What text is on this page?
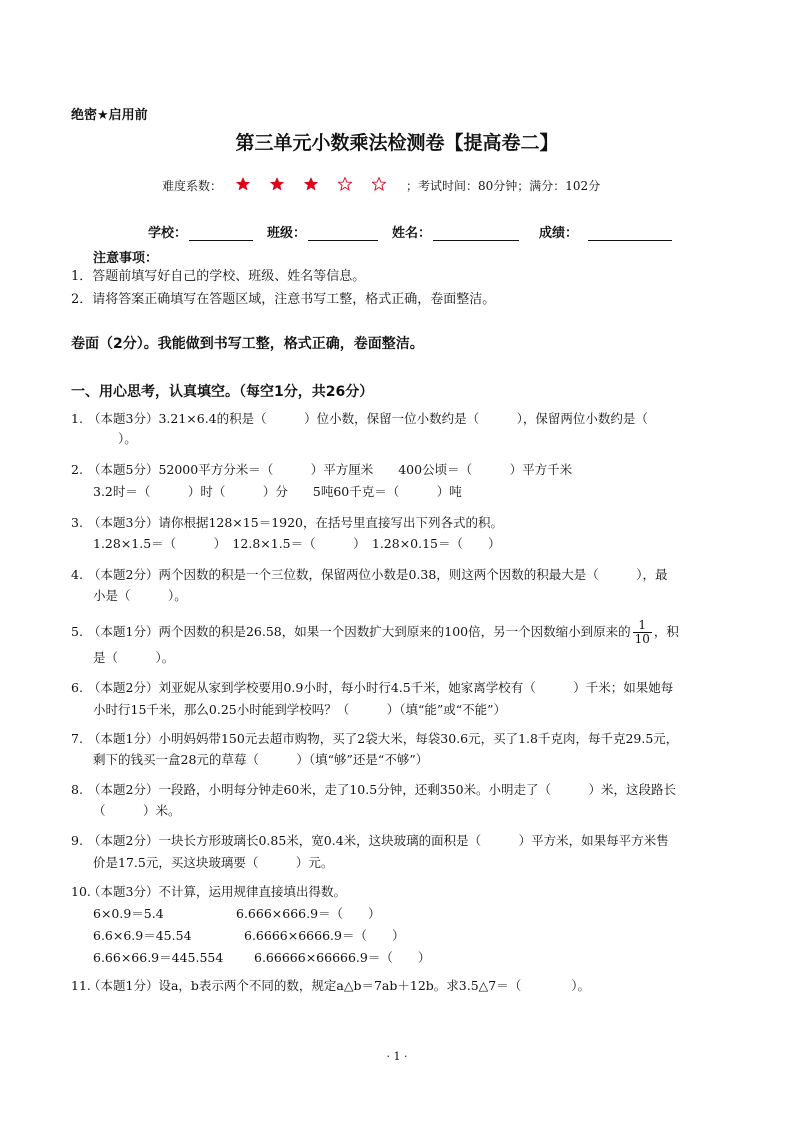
绝密★启用前
第三单元小数乘法检测卷【提高卷二】
难度系数：	；考试时间：80分钟；满分：102分
学校：	班级：	姓名：	成绩：
注意事项：
1．答题前填写好自己的学校、班级、姓名等信息。
2．请将答案正确填写在答题区域，注意书写工整，格式正确，卷面整洁。
卷面（2分）。我能做到书写工整，格式正确，卷面整洁。
一、用心思考，认真填空。（每空1分，共26分）
1. （本题3分）3.21×6.4的积是（　　　）位小数，保留一位小数约是（　　　），保留两位小数约是（
　　）。
2. （本题5分）52000平方分米＝（　　　）平方厘米　　400公顷＝（　　　）平方千米
3.2时＝（　　　）时（　　　）分　　5吨60千克＝（　　　）吨
3. （本题3分）请你根据128×15＝1920，在括号里直接写出下列各式的积。
1.28×1.5＝（　　　）　12.8×1.5＝（　　　）　1.28×0.15＝（　　）
4. （本题2分）两个因数的积是一个三位数，保留两位小数是0.38，则这两个因数的积最大是（　　　），最
小是（　　　）。
5. （本题1分）两个因数的积是26.58，如果一个因数扩大到原来的100倍，另一个因数缩小到原来的 $\frac{1}{10}$ ，积
是（　　　）。
6. （本题2分）刘亚妮从家到学校要用0.9小时，每小时行4.5千米，她家离学校有（　　　）千米；如果她每
小时行15千米，那么0.25小时能到学校吗？（　　　）（填“能”或“不能”）
7. （本题1分）小明妈妈带150元去超市购物，买了2袋大米，每袋30.6元，买了1.8千克肉，每千克29.5元，
剩下的钱买一盒28元的草莓（　　　）（填“够”还是“不够”）
8. （本题2分）一段路，小明每分钟走60米，走了10.5分钟，还剩350米。小明走了（　　　）米，这段路长
（　　　）米。
9. （本题2分）一块长方形玻璃长0.85米，宽0.4米，这块玻璃的面积是（　　　）平方米，如果每平方米售
价是17.5元，买这块玻璃要（　　　）元。
10.（本题3分）不计算，运用规律直接填出得数。
6×0.9＝5.4	6.666×666.9＝（　　）
6.6×6.9＝45.54	6.6666×6666.9＝（　　）
6.66×66.9＝445.554 6.66666×66666.9＝（　　）
11.（本题1分）设a，b表示两个不同的数，规定a△b＝7ab＋12b。求3.5△7＝（　　　　）。
· 1 ·
